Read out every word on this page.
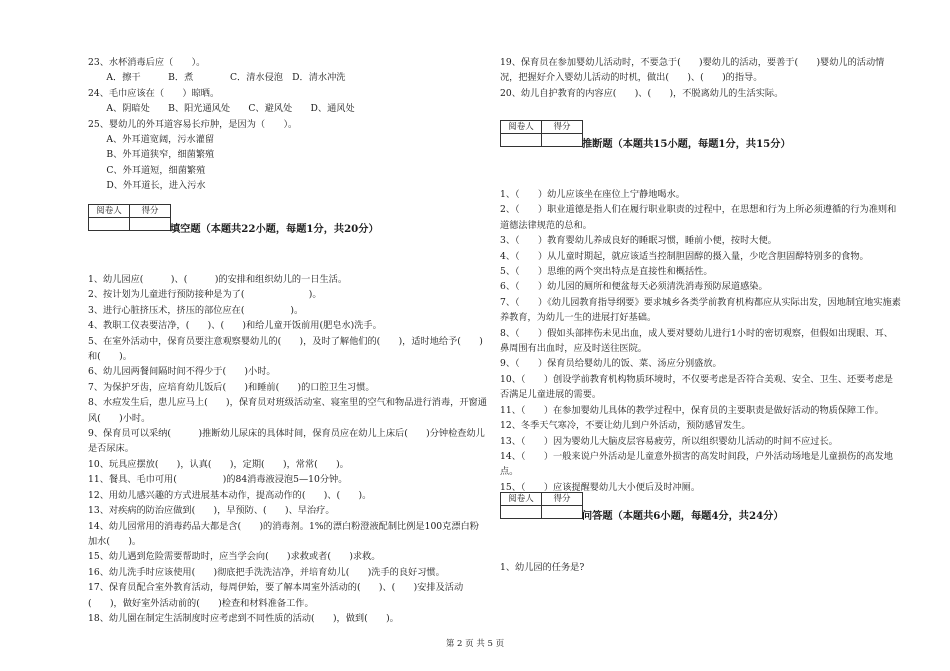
23、水杯消毒后应（　　）。
　　A．擦干　　　B．煮　　　　C．清水侵泡　D．清水冲洗
24、毛巾应该在（　　）晾晒。
　　A、阴暗处　　B、阳光通风处　　C、避风处　　D、通风处
25、婴幼儿的外耳道容易长疖肿，是因为（　　）。
　　A、外耳道宽阔，污水灌留
　　B、外耳道狭窄，细菌繁殖
　　C、外耳道短，细菌繁殖
　　D、外耳道长，进入污水
阅卷人	得分

填空题（本题共22小题，每题1分，共20分）
1、幼儿园应(　　　)、(　　　)的安排和组织幼儿的一日生活。
2、按计划为儿童进行预防接种是为了(　　　　　　　)。
3、进行心脏挤压术，挤压的部位应在(　　　　　)。
4、教职工仪表要洁净，(　　)、(　　)和给儿童开饭前用(肥皂水)洗手。
5、在室外活动中，保育员要注意观察婴幼儿的(　　)，及时了解他们的(　　)，适时地给予(　　)和(　　)。
6、幼儿园两餐间隔时间不得少于(　　)小时。
7、为保护牙齿，应培育幼儿饭后(　　)和睡前(　　)的口腔卫生习惯。
8、水痘发生后，患儿应马上(　　)，保育员对班级活动室、寝室里的空气和物品进行消毒，开窗通风(　　)小时。
9、保育员可以采纳(　　　)推断幼儿尿床的具体时间，保育员应在幼儿上床后(　　)分钟检查幼儿是否尿床。
10、玩具应摆放(　　)，认真(　　)，定期(　　)，常常(　　)。
11、餐具、毛巾可用(　　　　　)的84消毒液浸泡5—10分钟。
12、用幼儿感兴趣的方式进展基本动作，提高动作的(　　)、(　　)。
13、对疾病的防治应做到(　　)，早预防、(　　)、早治疗。
14、幼儿园常用的消毒药品大都是含(　　)的消毒剂。1%的漂白粉澄液配制比例是100克漂白粉加水(　　)。
15、幼儿遇到危险需要帮助时，应当学会向(　　)求救或者(　　)求救。
16、幼儿洗手时应该使用(　　)彻底把手洗洗洁净，并培育幼儿(　　)洗手的良好习惯。
17、保育员配合室外教育活动，每周伊始，要了解本周室外活动的(　　)、(　　)安排及活动(　　)，做好室外活动前的(　　)检查和材料准备工作。
18、幼儿園在制定生活制度时应考虑到不同性质的活动(　　)，做到(　　)。
19、保育员在参加婴幼儿活动时，不要急于(　　)婴幼儿的活动，要善于(　　)婴幼儿的活动情况，把握好介入婴幼儿活动的时机，做出(　　)、(　　)的指导。
20、幼儿自护教育的内容应(　　)、(　　)，不脱离幼儿的生活实际。
阅卷人	得分

推断题（本题共15小题，每题1分，共15分）
1、（　　）幼儿应该坐在座位上宁静地喝水。
2、（　　）职业道德是指人们在履行职业职责的过程中，在思想和行为上所必须遵循的行为准则和道德法律规范的总和。
3、（　　）教育婴幼儿养成良好的睡眠习惯，睡前小便，按时大便。
4、（　　）从儿童时期起，就应该适当控制胆固醇的摄入量，少吃含胆固醇特别多的食物。
5、（　　）思维的两个突出特点是直接性和概括性。
6、（　　）幼儿园的厕所和便盆每天必须清洗消毒预防尿道感染。
7、（　　）《幼儿园教育指导纲要》要求城乡各类学前教育机构都应从实际出发，因地制宜地实施素养教育，为幼儿一生的进展打好基础。
8、（　　）假如头部摔伤未见出血，成人要对婴幼儿进行1小时的密切观察，但假如出现眼、耳、鼻周围有出血时，应及时送往医院。
9、（　　）保育员给婴幼儿的饭、菜、汤应分别盛放。
10、（　　）创设学前教育机构物质环境时，不仅要考虑是否符合美观、安全、卫生、还要考虑是否满足儿童进展的需要。
11、（　　）在参加婴幼儿具体的教学过程中，保育员的主要职责是做好活动的物质保障工作。
12、冬季天气寒冷，不要让幼儿到户外活动，预防感冒发生。
13、（　　）因为婴幼儿大脑皮层容易疲劳，所以组织婴幼儿活动的时间不应过长。
14、（　　）一般来说户外活动是儿童意外损害的高发时间段，户外活动场地是儿童损伤的高发地点。
15、（　　）应该提醒婴幼儿大小便后及时冲厕。
阅卷人	得分

问答题（本题共6小题，每题4分，共24分）
1、幼儿园的任务是?
第 2 页 共 5 页
